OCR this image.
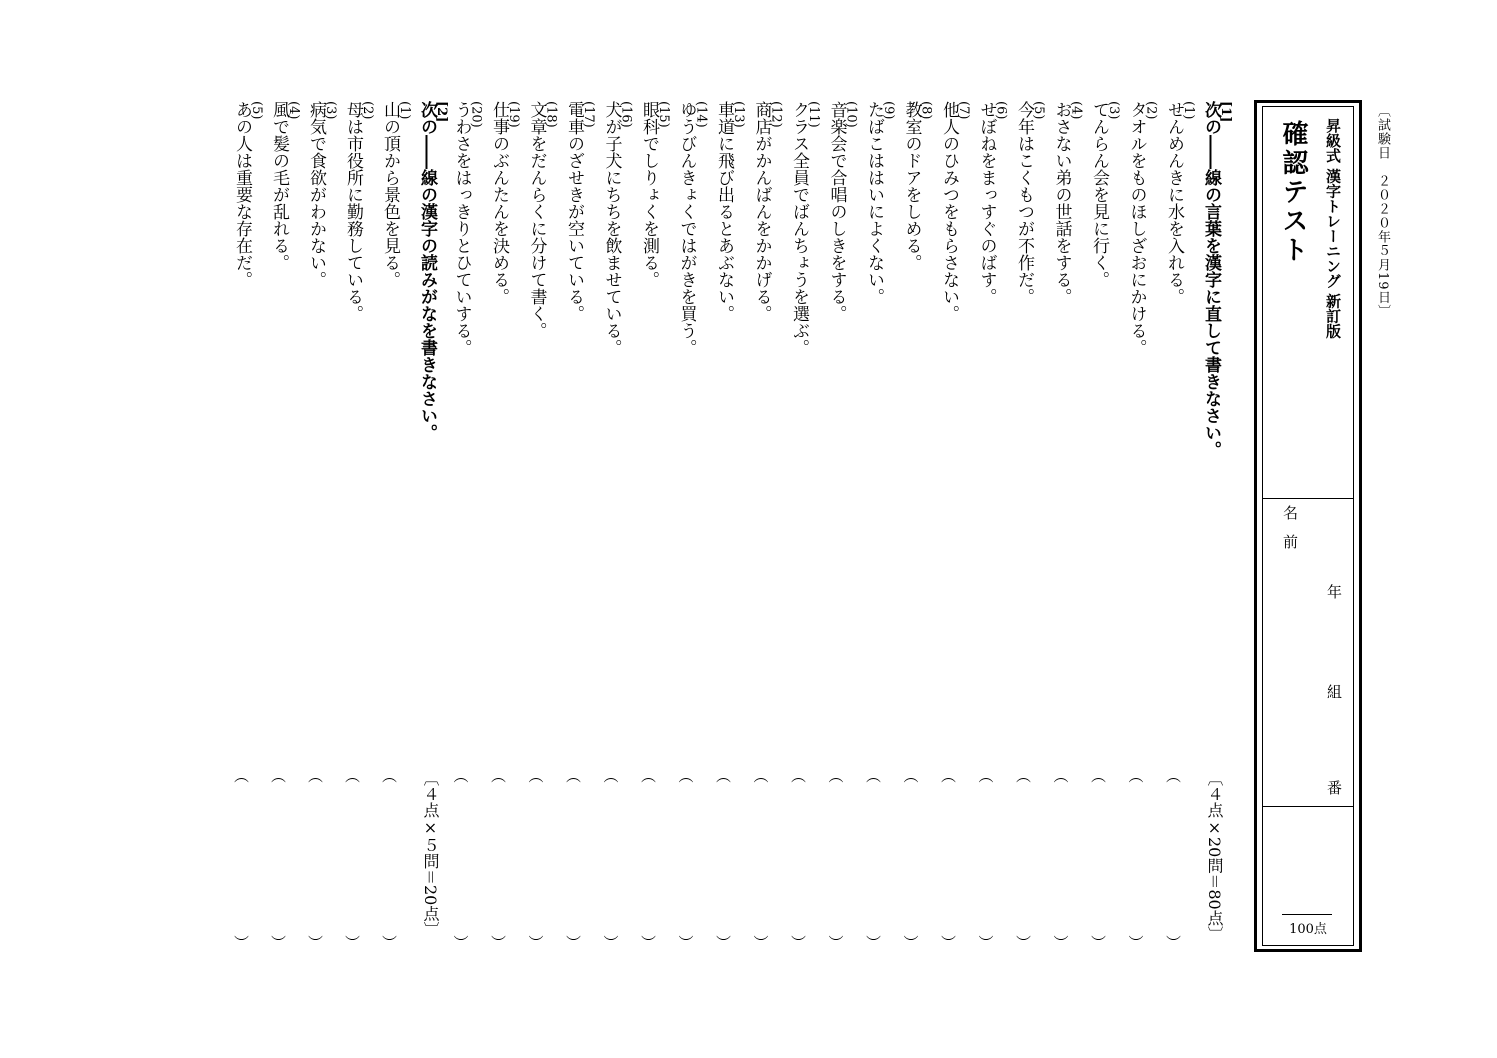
〔試験日　２０２０年５月19日〕
昇級式 漢字トレーニング 新訂版
確認テスト
名前
年
組
番
100点
[1]
次の――線の言葉を漢字に直して書きなさい。
〔４点×20問＝80点〕
(1)
せんめんきに水を入れる。
︵
︶
(2)
タオルをものほしざおにかける。
︵
︶
(3)
てんらん会を見に行く。
︵
︶
(4)
おさない弟の世話をする。
︵
︶
(5)
今年はこくもつが不作だ。
︵
︶
(6)
せぼねをまっすぐのばす。
︵
︶
(7)
他人のひみつをもらさない。
︵
︶
(8)
教室のドアをしめる。
︵
︶
(9)
たばこははいによくない。
︵
︶
(10)
音楽会で合唱のしきをする。
︵
︶
(11)
クラス全員でばんちょうを選ぶ。
︵
︶
(12)
商店がかんばんをかかげる。
︵
︶
(13)
車道に飛び出るとあぶない。
︵
︶
(14)
ゆうびんきょくではがきを買う。
︵
︶
(15)
眼科でしりょくを測る。
︵
︶
(16)
犬が子犬にちちを飲ませている。
︵
︶
(17)
電車のざせきが空いている。
︵
︶
(18)
文章をだんらくに分けて書く。
︵
︶
(19)
仕事のぶんたんを決める。
︵
︶
(20)
うわさをはっきりとひていする。
︵
︶
[2]
次の――線の漢字の読みがなを書きなさい。
〔４点×５問＝20点〕
(1)
山の頂から景色を見る。
︵
︶
(2)
母は市役所に勤務している。
︵
︶
(3)
病気で食欲がわかない。
︵
︶
(4)
風で髪の毛が乱れる。
︵
︶
(5)
あの人は重要な存在だ。
︵
︶
